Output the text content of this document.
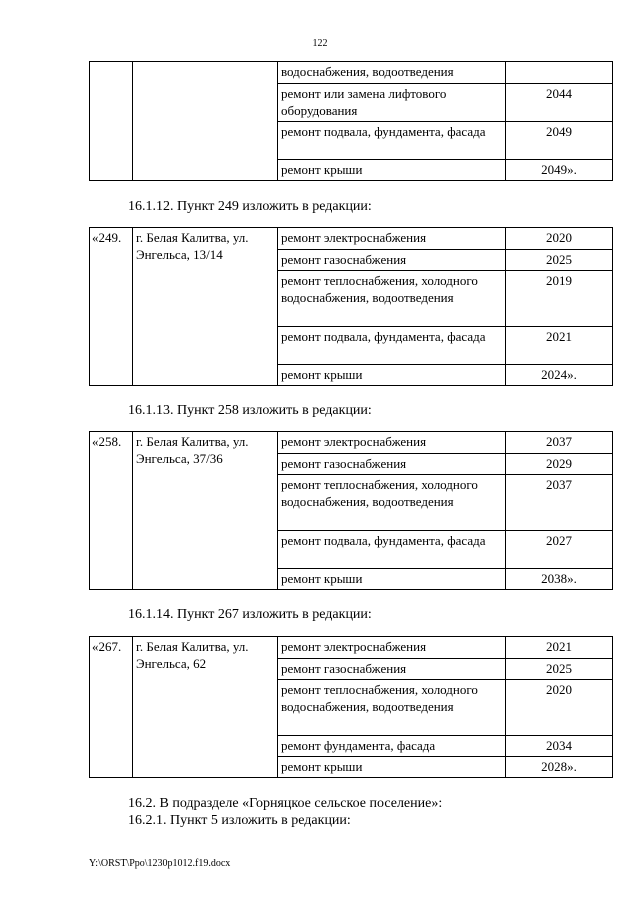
122
		водоснабжения, водоотведения	
		ремонт или замена лифтового оборудования	2044
		ремонт подвала, фундамента, фасада	2049
		ремонт крыши	2049».
16.1.12. Пункт 249 изложить в редакции:
«249.	г. Белая Калитва, ул. Энгельса, 13/14	ремонт электроснабжения	2020
		ремонт газоснабжения	2025
		ремонт теплоснабжения, холодного водоснабжения, водоотведения	2019
		ремонт подвала, фундамента, фасада	2021
		ремонт крыши	2024».
16.1.13. Пункт 258 изложить в редакции:
«258.	г. Белая Калитва, ул. Энгельса, 37/36	ремонт электроснабжения	2037
		ремонт газоснабжения	2029
		ремонт теплоснабжения, холодного водоснабжения, водоотведения	2037
		ремонт подвала, фундамента, фасада	2027
		ремонт крыши	2038».
16.1.14. Пункт 267 изложить в редакции:
«267.	г. Белая Калитва, ул. Энгельса, 62	ремонт электроснабжения	2021
		ремонт газоснабжения	2025
		ремонт теплоснабжения, холодного водоснабжения, водоотведения	2020
		ремонт фундамента, фасада	2034
		ремонт крыши	2028».
16.2. В подразделе «Горняцкое сельское поселение»:
16.2.1. Пункт 5 изложить в редакции:
Y:\ORST\Ppo\1230p1012.f19.docx
